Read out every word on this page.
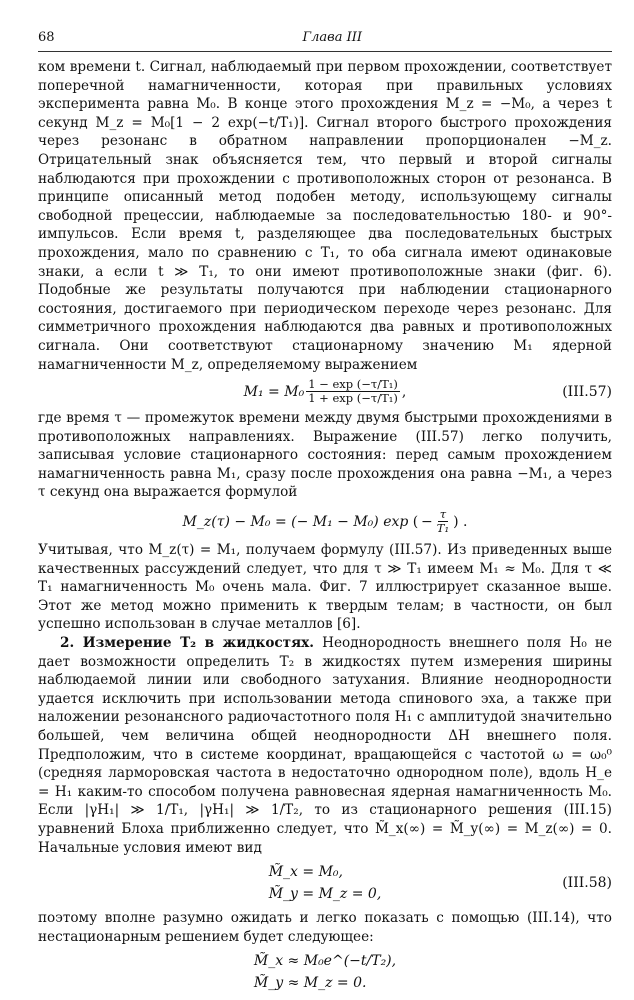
68	Глава III

ком времени t. Сигнал, наблюдаемый при первом прохождении, соответствует поперечной намагниченности, которая при правильных условиях эксперимента равна M₀. В конце этого прохождения M_z = −M₀, а через t секунд M_z = M₀[1 − 2 exp(−t/T₁)]. Сигнал второго быстрого прохождения через резонанс в обратном направлении пропорционален −M_z. Отрицательный знак объясняется тем, что первый и второй сигналы наблюдаются при прохождении с противоположных сторон от резонанса. В принципе описанный метод подобен методу, использующему сигналы свободной прецессии, наблюдаемые за последовательностью 180- и 90°-импульсов. Если время t, разделяющее два последовательных быстрых прохождения, мало по сравнению с T₁, то оба сигнала имеют одинаковые знаки, а если t ≫ T₁, то они имеют противоположные знаки (фиг. 6). Подобные же результаты получаются при наблюдении стационарного состояния, достигаемого при периодическом переходе через резонанс. Для симметричного прохождения наблюдаются два равных и противоположных сигнала. Они соответствуют стационарному значению M₁ ядерной намагниченности M_z, определяемому выражением

$M_1 = M_0 \frac{\text{1 − exp (−τ/T₁)}}{\text{1 + exp (−τ/T₁)}}$ ,	(III.57)

где время τ — промежуток времени между двумя быстрыми прохождениями в противоположных направлениях. Выражение (III.57) легко получить, записывая условие стационарного состояния: перед самым прохождением намагниченность равна M₁, сразу после прохождения она равна −M₁, а через τ секунд она выражается формулой

M_z(τ) − M₀ = (− M₁ − M₀) exp ( − $\frac{\tau}{\text{T₁}}$ ) .

Учитывая, что M_z(τ) = M₁, получаем формулу (III.57). Из приведенных выше качественных рассуждений следует, что для τ ≫ T₁ имеем M₁ ≈ M₀. Для τ ≪ T₁ намагниченность M₀ очень мала. Фиг. 7 иллюстрирует сказанное выше. Этот же метод можно применить к твердым телам; в частности, он был успешно использован в случае металлов [6].

2. Измерение T₂ в жидкостях. Неоднородность внешнего поля H₀ не дает возможности определить T₂ в жидкостях путем измерения ширины наблюдаемой линии или свободного затухания. Влияние неоднородности удается исключить при использовании метода спинового эха, а также при наложении резонансного радиочастотного поля H₁ с амплитудой значительно большей, чем величина общей неоднородности ΔH внешнего поля. Предположим, что в системе координат, вращающейся с частотой ω = ω₀⁰ (средняя ларморовская частота в недостаточно однородном поле), вдоль H_e = H₁ каким-то способом получена равновесная ядерная намагниченность M₀. Если |γH₁| ≫ 1/T₁, |γH₁| ≫ 1/T₂, то из стационарного решения (III.15) уравнений Блоха приближенно следует, что M̃_x(∞) = M̃_y(∞) = M_z(∞) = 0. Начальные условия имеют вид

M̃_x = M₀,
M̃_y = M_z = 0,
(III.58)

поэтому вполне разумно ожидать и легко показать с помощью (III.14), что нестационарным решением будет следующее:

M̃_x ≈ M₀e^(−t/T₂),
M̃_y ≈ M_z = 0.
